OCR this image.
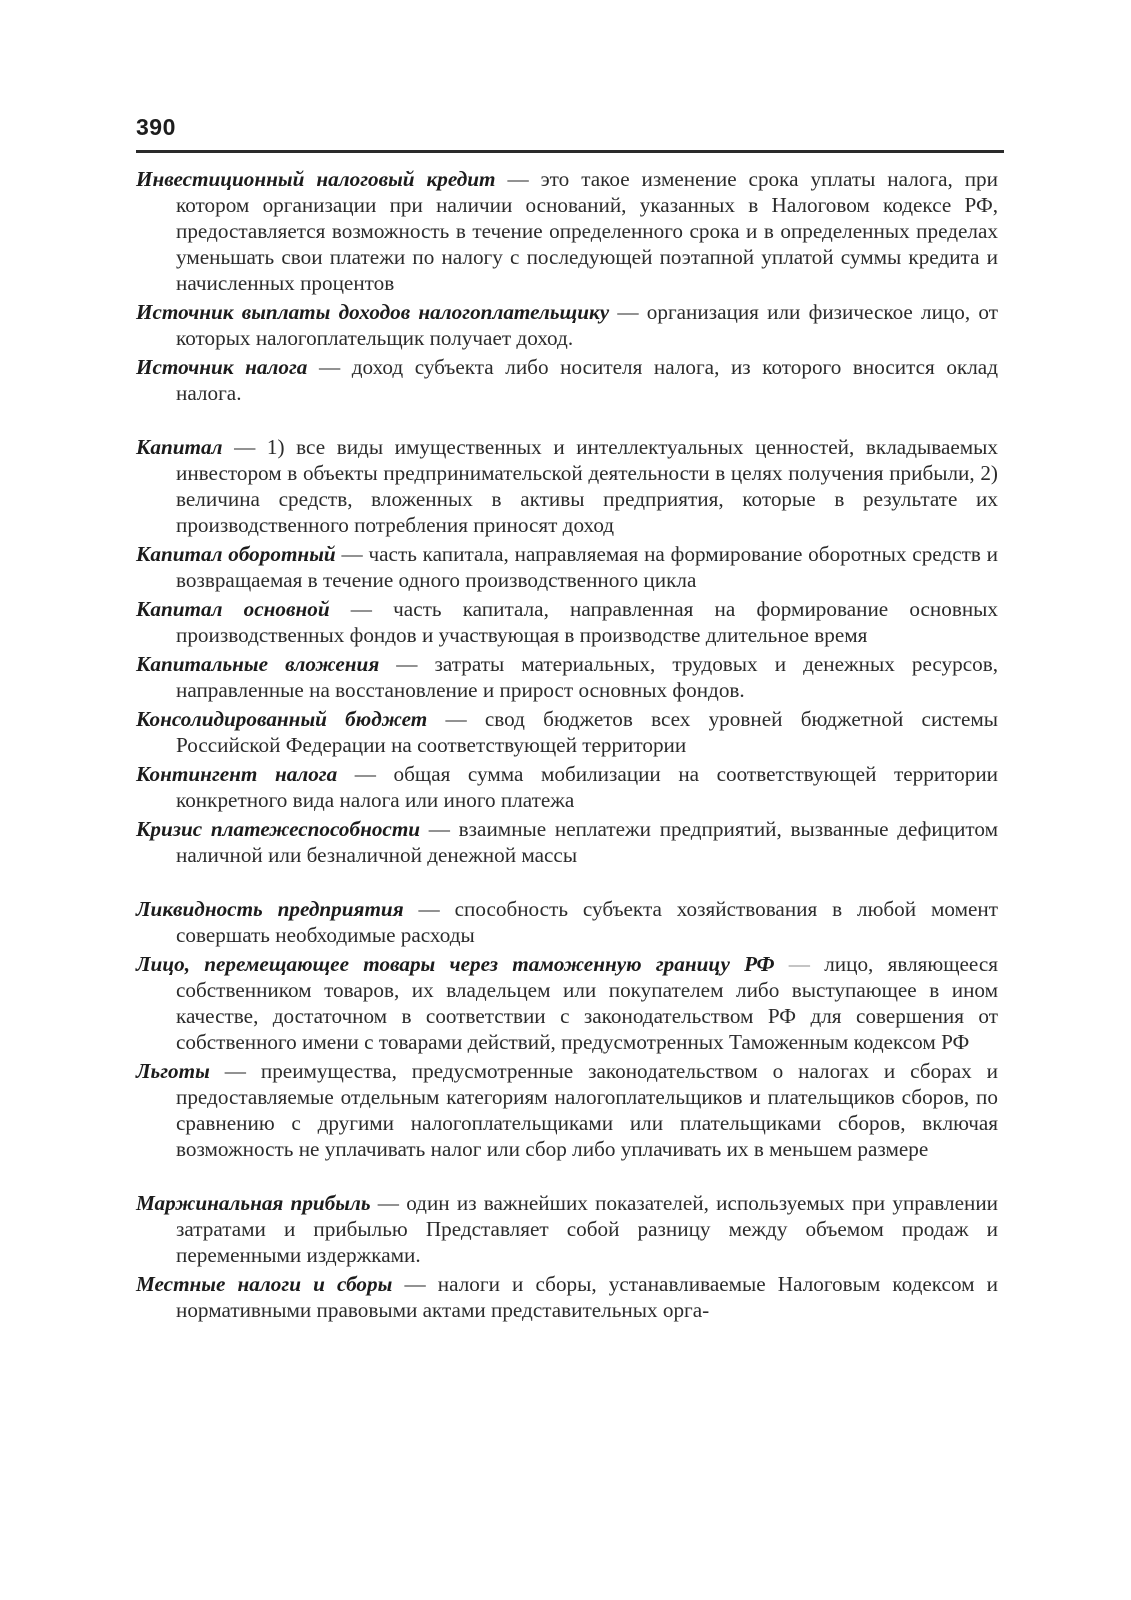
390

Инвестиционный налоговый кредит — это такое изменение срока уплаты налога, при котором организации при наличии оснований, указанных в Налоговом кодексе РФ, предоставляется возможность в течение определенного срока и в определенных пределах уменьшать свои платежи по налогу с последующей поэтапной уплатой суммы кредита и начисленных процентов

Источник выплаты доходов налогоплательщику — организация или физическое лицо, от которых налогоплательщик получает доход.

Источник налога — доход субъекта либо носителя налога, из которого вносится оклад налога.

Капитал — 1) все виды имущественных и интеллектуальных ценностей, вкладываемых инвестором в объекты предпринимательской деятельности в целях получения прибыли, 2) величина средств, вложенных в активы предприятия, которые в результате их производственного потребления приносят доход

Капитал оборотный — часть капитала, направляемая на формирование оборотных средств и возвращаемая в течение одного производственного цикла

Капитал основной — часть капитала, направленная на формирование основных производственных фондов и участвующая в производстве длительное время

Капитальные вложения — затраты материальных, трудовых и денежных ресурсов, направленные на восстановление и прирост основных фондов.

Консолидированный бюджет — свод бюджетов всех уровней бюджетной системы Российской Федерации на соответствующей территории

Контингент налога — общая сумма мобилизации на соответствующей территории конкретного вида налога или иного платежа

Кризис платежеспособности — взаимные неплатежи предприятий, вызванные дефицитом наличной или безналичной денежной массы

Ликвидность предприятия — способность субъекта хозяйствования в любой момент совершать необходимые расходы

Лицо, перемещающее товары через таможенную границу РФ — лицо, являющееся собственником товаров, их владельцем или покупателем либо выступающее в ином качестве, достаточном в соответствии с законодательством РФ для совершения от собственного имени с товарами действий, предусмотренных Таможенным кодексом РФ

Льготы — преимущества, предусмотренные законодательством о налогах и сборах и предоставляемые отдельным категориям налогоплательщиков и плательщиков сборов, по сравнению с другими налогоплательщиками или плательщиками сборов, включая возможность не уплачивать налог или сбор либо уплачивать их в меньшем размере

Маржинальная прибыль — один из важнейших показателей, используемых при управлении затратами и прибылью Представляет собой разницу между объемом продаж и переменными издержками.

Местные налоги и сборы — налоги и сборы, устанавливаемые Налоговым кодексом и нормативными правовыми актами представительных орга-
